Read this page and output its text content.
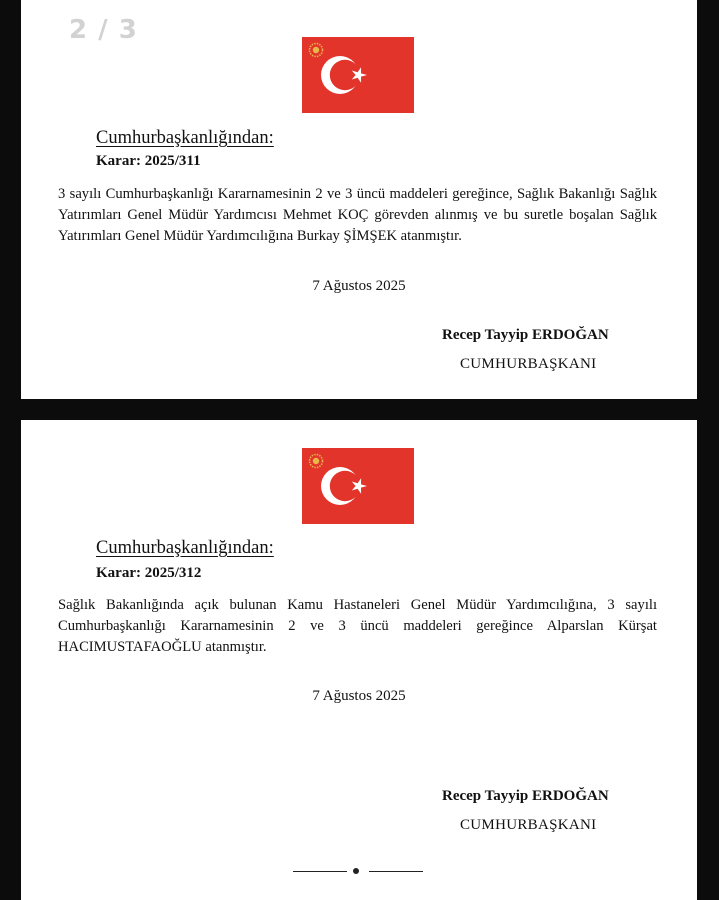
2 / 3
Cumhurbaşkanlığından:
Karar: 2025/311
3 sayılı Cumhurbaşkanlığı Kararnamesinin 2 ve 3 üncü maddeleri gereğince, Sağlık Bakanlığı Sağlık Yatırımları Genel Müdür Yardımcısı Mehmet KOÇ görevden alınmış ve bu suretle boşalan Sağlık Yatırımları Genel Müdür Yardımcılığına Burkay ŞİMŞEK atanmıştır.
7 Ağustos 2025
Recep Tayyip ERDOĞAN
CUMHURBAŞKANI
Cumhurbaşkanlığından:
Karar: 2025/312
Sağlık Bakanlığında açık bulunan Kamu Hastaneleri Genel Müdür Yardımcılığına, 3 sayılı Cumhurbaşkanlığı Kararnamesinin 2 ve 3 üncü maddeleri gereğince Alparslan Kürşat HACIMUSTAFAOĞLU atanmıştır.
7 Ağustos 2025
Recep Tayyip ERDOĞAN
CUMHURBAŞKANI
